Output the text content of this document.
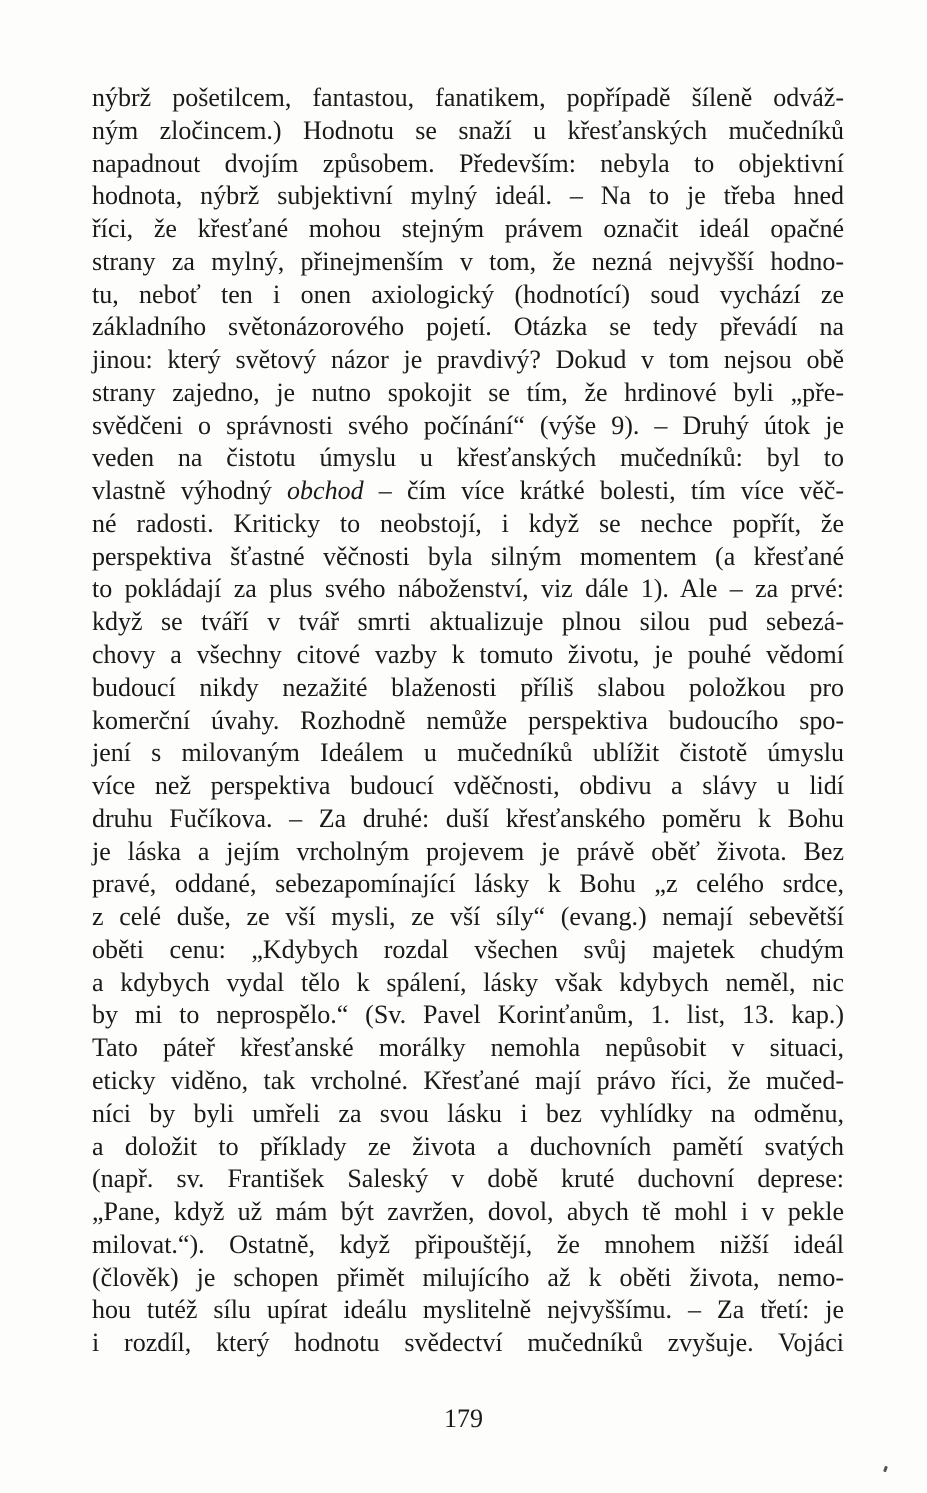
nýbrž pošetilcem, fantastou, fanatikem, popřípadě šíleně odváž-
ným zločincem.) Hodnotu se snaží u křesťanských mučedníků
napadnout dvojím způsobem. Především: nebyla to objektivní
hodnota, nýbrž subjektivní mylný ideál. – Na to je třeba hned
říci, že křesťané mohou stejným právem označit ideál opačné
strany za mylný, přinejmenším v tom, že nezná nejvyšší hodno-
tu, neboť ten i onen axiologický (hodnotící) soud vychází ze
základního světonázorového pojetí. Otázka se tedy převádí na
jinou: který světový názor je pravdivý? Dokud v tom nejsou obě
strany zajedno, je nutno spokojit se tím, že hrdinové byli „pře-
svědčeni o správnosti svého počínání“ (výše 9). – Druhý útok je
veden na čistotu úmyslu u křesťanských mučedníků: byl to
vlastně výhodný obchod – čím více krátké bolesti, tím více věč-
né radosti. Kriticky to neobstojí, i když se nechce popřít, že
perspektiva šťastné věčnosti byla silným momentem (a křesťané
to pokládají za plus svého náboženství, viz dále 1). Ale – za prvé:
když se tváří v tvář smrti aktualizuje plnou silou pud sebezá-
chovy a všechny citové vazby k tomuto životu, je pouhé vědomí
budoucí nikdy nezažité blaženosti příliš slabou položkou pro
komerční úvahy. Rozhodně nemůže perspektiva budoucího spo-
jení s milovaným Ideálem u mučedníků ublížit čistotě úmyslu
více než perspektiva budoucí vděčnosti, obdivu a slávy u lidí
druhu Fučíkova. – Za druhé: duší křesťanského poměru k Bohu
je láska a jejím vrcholným projevem je právě oběť života. Bez
pravé, oddané, sebezapomínající lásky k Bohu „z celého srdce,
z celé duše, ze vší mysli, ze vší síly“ (evang.) nemají sebevětší
oběti cenu: „Kdybych rozdal všechen svůj majetek chudým
a kdybych vydal tělo k spálení, lásky však kdybych neměl, nic
by mi to neprospělo.“ (Sv. Pavel Korinťanům, 1. list, 13. kap.)
Tato páteř křesťanské morálky nemohla nepůsobit v situaci,
eticky viděno, tak vrcholné. Křesťané mají právo říci, že mučed-
níci by byli umřeli za svou lásku i bez vyhlídky na odměnu,
a doložit to příklady ze života a duchovních pamětí svatých
(např. sv. František Saleský v době kruté duchovní deprese:
„Pane, když už mám být zavržen, dovol, abych tě mohl i v pekle
milovat.“). Ostatně, když připouštějí, že mnohem nižší ideál
(člověk) je schopen přimět milujícího až k oběti života, nemo-
hou tutéž sílu upírat ideálu myslitelně nejvyššímu. – Za třetí: je
i rozdíl, který hodnotu svědectví mučedníků zvyšuje. Vojáci

179
